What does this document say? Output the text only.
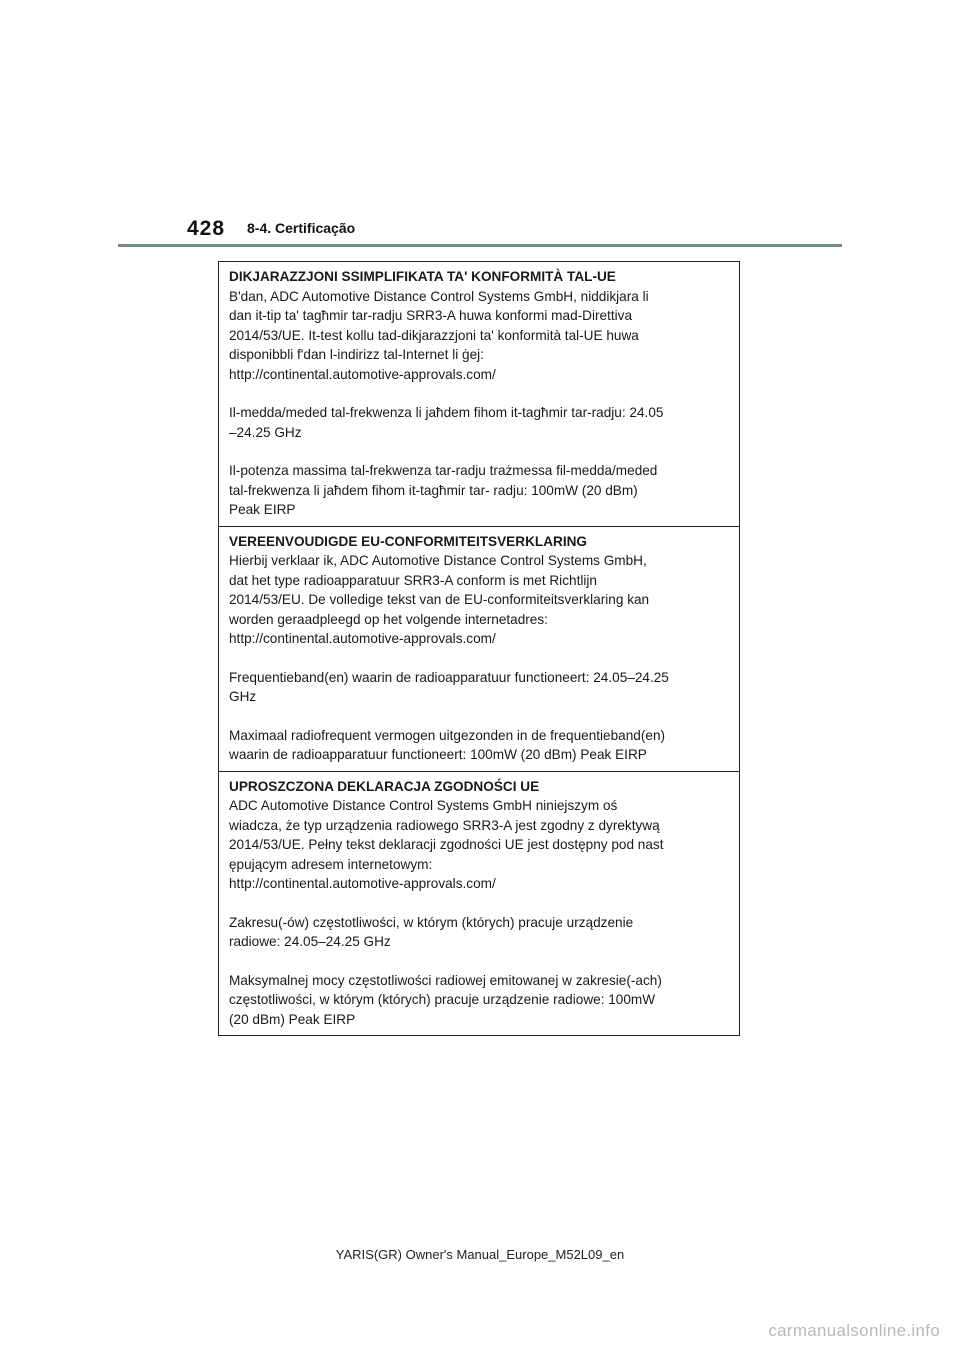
428 8-4. Certificação
DIKJARAZZJONI SSIMPLIFIKATA TA' KONFORMITÀ TAL-UE
B'dan, ADC Automotive Distance Control Systems GmbH, niddikjara li
dan it-tip ta' tagħmir tar-radju SRR3-A huwa konformi mad-Direttiva
2014/53/UE. It-test kollu tad-dikjarazzjoni ta' konformità tal-UE huwa
disponibbli f'dan l-indirizz tal-Internet li ġej:
http://continental.automotive-approvals.com/
Il-medda/meded tal-frekwenza li jaħdem fihom it-tagħmir tar-radju: 24.05
–24.25 GHz
Il-potenza massima tal-frekwenza tar-radju trażmessa fil-medda/meded
tal-frekwenza li jaħdem fihom it-tagħmir tar- radju: 100mW (20 dBm)
Peak EIRP
VEREENVOUDIGDE EU-CONFORMITEITSVERKLARING
Hierbij verklaar ik, ADC Automotive Distance Control Systems GmbH,
dat het type radioapparatuur SRR3-A conform is met Richtlijn
2014/53/EU. De volledige tekst van de EU-conformiteitsverklaring kan
worden geraadpleegd op het volgende internetadres:
http://continental.automotive-approvals.com/
Frequentieband(en) waarin de radioapparatuur functioneert: 24.05–24.25
GHz
Maximaal radiofrequent vermogen uitgezonden in de frequentieband(en)
waarin de radioapparatuur functioneert: 100mW (20 dBm) Peak EIRP
UPROSZCZONA DEKLARACJA ZGODNOŚCI UE
ADC Automotive Distance Control Systems GmbH niniejszym oś
wiadcza, że typ urządzenia radiowego SRR3-A jest zgodny z dyrektywą
2014/53/UE. Pełny tekst deklaracji zgodności UE jest dostępny pod nast
ępującym adresem internetowym:
http://continental.automotive-approvals.com/
Zakresu(-ów) częstotliwości, w którym (których) pracuje urządzenie
radiowe: 24.05–24.25 GHz
Maksymalnej mocy częstotliwości radiowej emitowanej w zakresie(-ach)
częstotliwości, w którym (których) pracuje urządzenie radiowe: 100mW
(20 dBm) Peak EIRP
YARIS(GR) Owner's Manual_Europe_M52L09_en
carmanualsonline.info
